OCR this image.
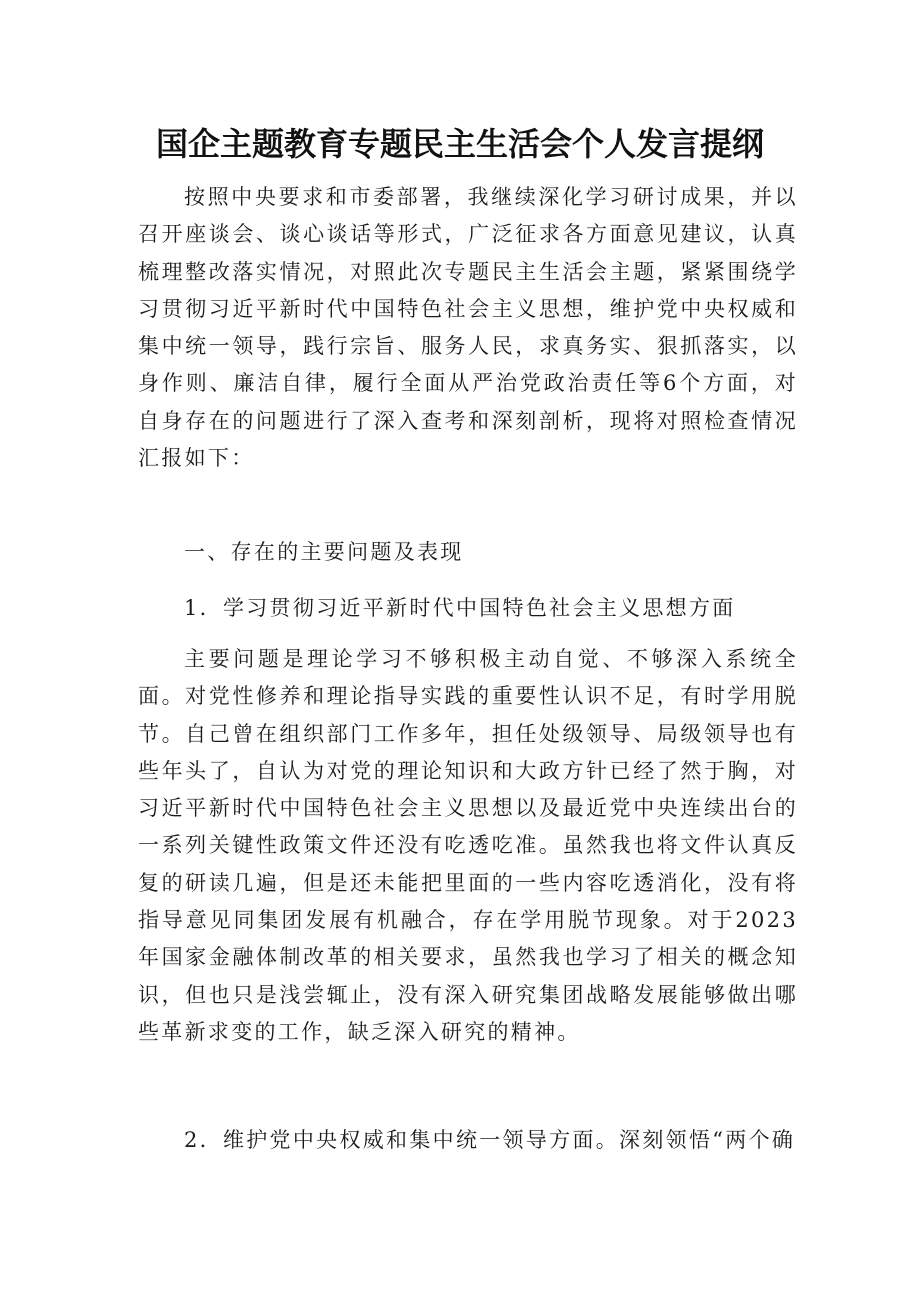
国企主题教育专题民主生活会个人发言提纲
按照中央要求和市委部署，我继续深化学习研讨成果，并以召开座谈会、谈心谈话等形式，广泛征求各方面意见建议，认真梳理整改落实情况，对照此次专题民主生活会主题，紧紧围绕学习贯彻习近平新时代中国特色社会主义思想，维护党中央权威和集中统一领导，践行宗旨、服务人民，求真务实、狠抓落实，以身作则、廉洁自律，履行全面从严治党政治责任等6个方面，对自身存在的问题进行了深入查考和深刻剖析，现将对照检查情况汇报如下：
一、存在的主要问题及表现
1．学习贯彻习近平新时代中国特色社会主义思想方面
主要问题是理论学习不够积极主动自觉、不够深入系统全面。对党性修养和理论指导实践的重要性认识不足，有时学用脱节。自己曾在组织部门工作多年，担任处级领导、局级领导也有些年头了，自认为对党的理论知识和大政方针已经了然于胸，对习近平新时代中国特色社会主义思想以及最近党中央连续出台的一系列关键性政策文件还没有吃透吃准。虽然我也将文件认真反复的研读几遍，但是还未能把里面的一些内容吃透消化，没有将指导意见同集团发展有机融合，存在学用脱节现象。对于2023年国家金融体制改革的相关要求，虽然我也学习了相关的概念知识，但也只是浅尝辄止，没有深入研究集团战略发展能够做出哪些革新求变的工作，缺乏深入研究的精神。
2．维护党中央权威和集中统一领导方面。深刻领悟“两个确
